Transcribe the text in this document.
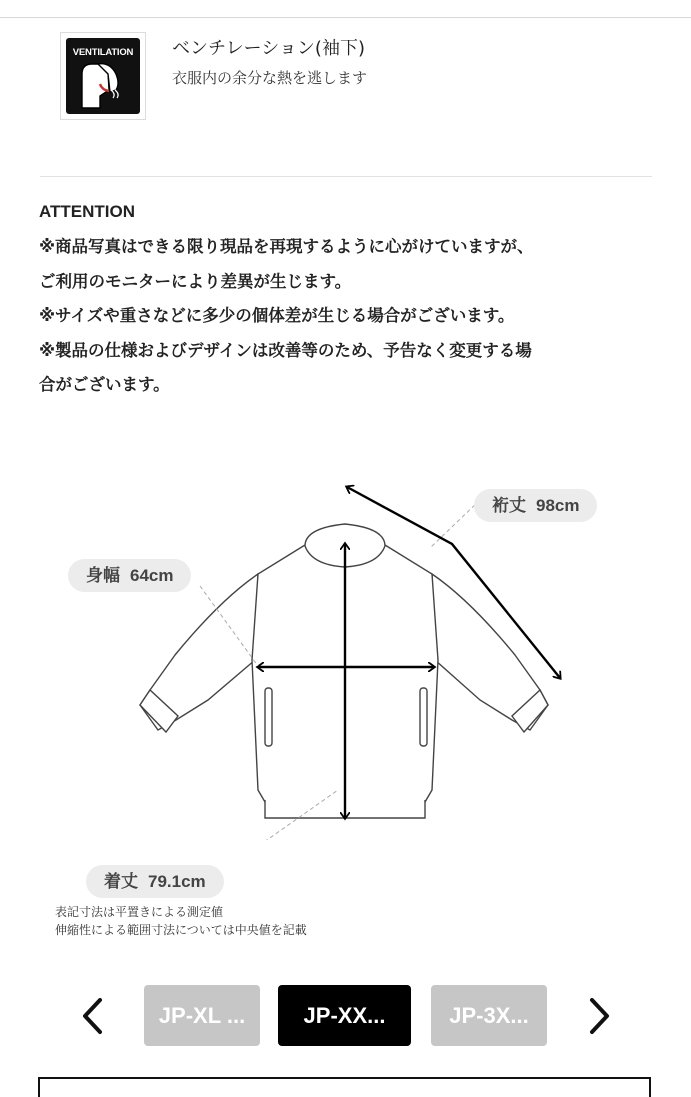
VENTILATION	ベンチレーション(袖下)
衣服内の余分な熱を逃します
ATTENTION
※商品写真はできる限り現品を再現するように心がけていますが、
ご利用のモニターにより差異が生じます。
※サイズや重さなどに多少の個体差が生じる場合がございます。
※製品の仕様およびデザインは改善等のため、予告なく変更する場
合がございます。
裄丈 98cm
身幅 64cm
着丈 79.1cm
表記寸法は平置きによる測定値
伸縮性による範囲寸法については中央値を記載
JP-XL ...	JP-XX...	JP-3X...
